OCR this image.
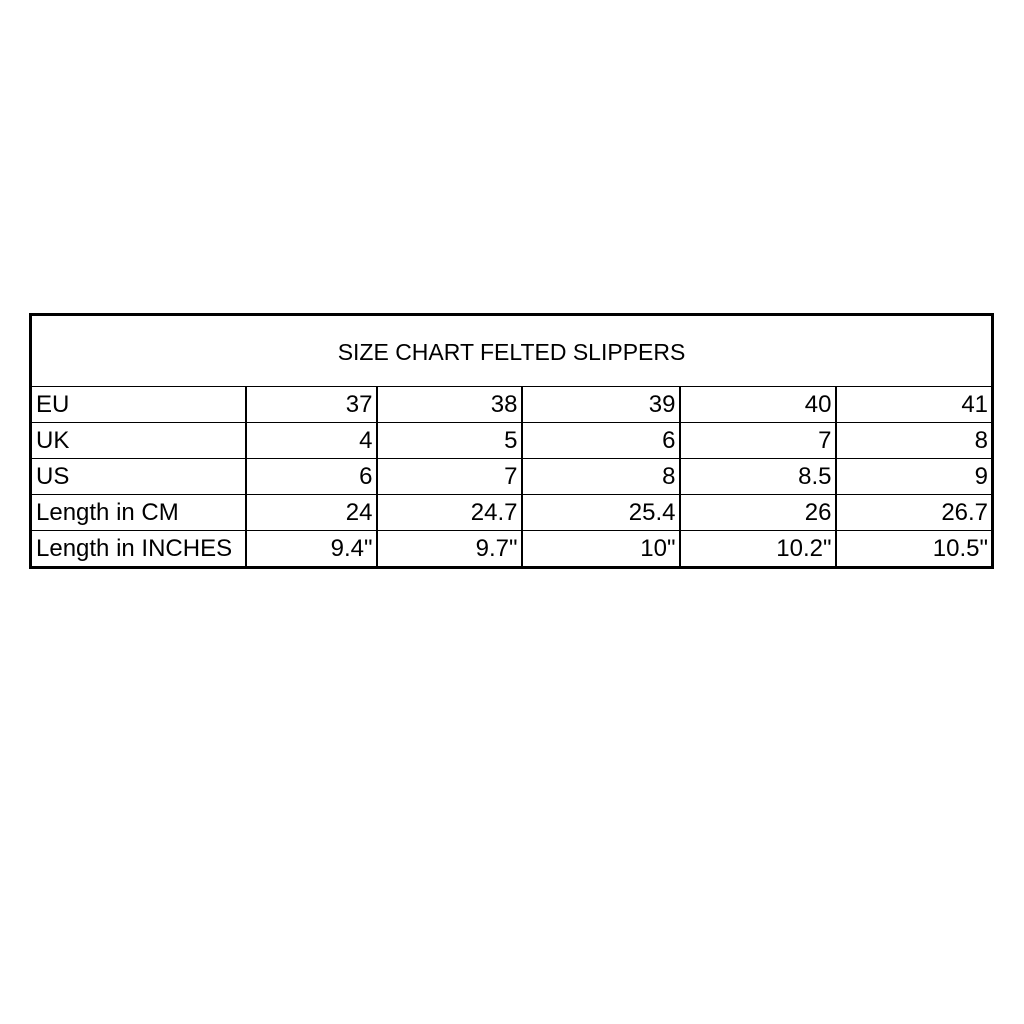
SIZE CHART FELTED SLIPPERS					
EU	37	38	39	40	41
UK	4	5	6	7	8
US	6	7	8	8.5	9
Length in CM	24	24.7	25.4	26	26.7
Length in INCHES	9.4"	9.7"	10"	10.2"	10.5"
